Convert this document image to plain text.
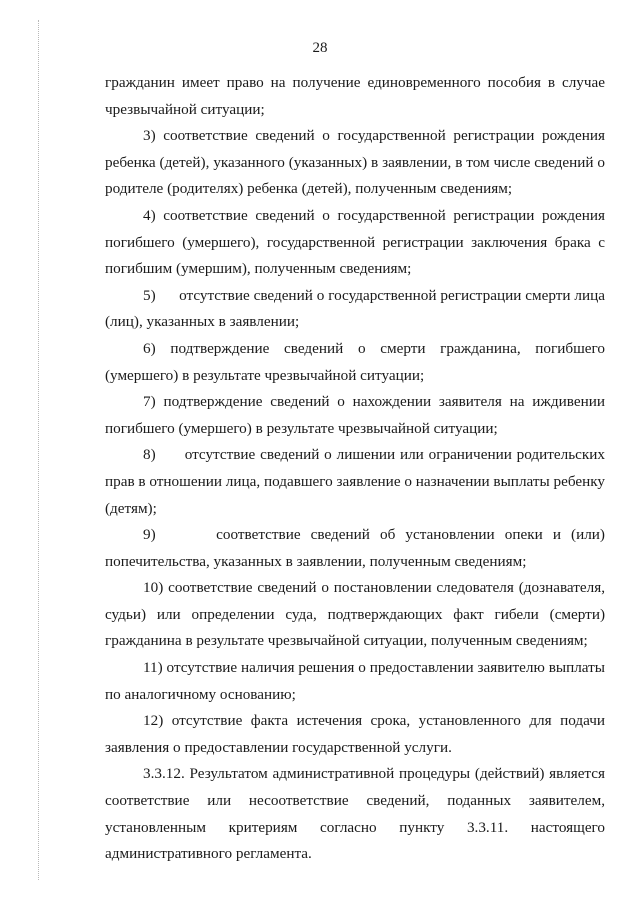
28

гражданин имеет право на получение единовременного пособия в случае чрезвычайной ситуации;

3) соответствие сведений о государственной регистрации рождения ребенка (детей), указанного (указанных) в заявлении, в том числе сведений о родителе (родителях) ребенка (детей), полученным сведениям;

4) соответствие сведений о государственной регистрации рождения погибшего (умершего), государственной регистрации заключения брака с погибшим (умершим), полученным сведениям;

5)      отсутствие сведений о государственной регистрации смерти лица (лиц), указанных в заявлении;

6) подтверждение сведений о смерти гражданина, погибшего (умершего) в результате чрезвычайной ситуации;

7) подтверждение сведений о нахождении заявителя на иждивении погибшего (умершего) в результате чрезвычайной ситуации;

8)      отсутствие сведений о лишении или ограничении родительских прав в отношении лица, подавшего заявление о назначении выплаты ребенку (детям);

9)      соответствие сведений об установлении опеки и (или) попечительства, указанных в заявлении, полученным сведениям;

10) соответствие сведений о постановлении следователя (дознавателя, судьи) или определении суда, подтверждающих факт гибели (смерти) гражданина в результате чрезвычайной ситуации, полученным сведениям;

11) отсутствие наличия решения о предоставлении заявителю выплаты по аналогичному основанию;

12) отсутствие факта истечения срока, установленного для подачи заявления о предоставлении государственной услуги.

3.3.12. Результатом административной процедуры (действий) является соответствие или несоответствие сведений, поданных заявителем, установленным критериям согласно пункту 3.3.11. настоящего административного регламента.
